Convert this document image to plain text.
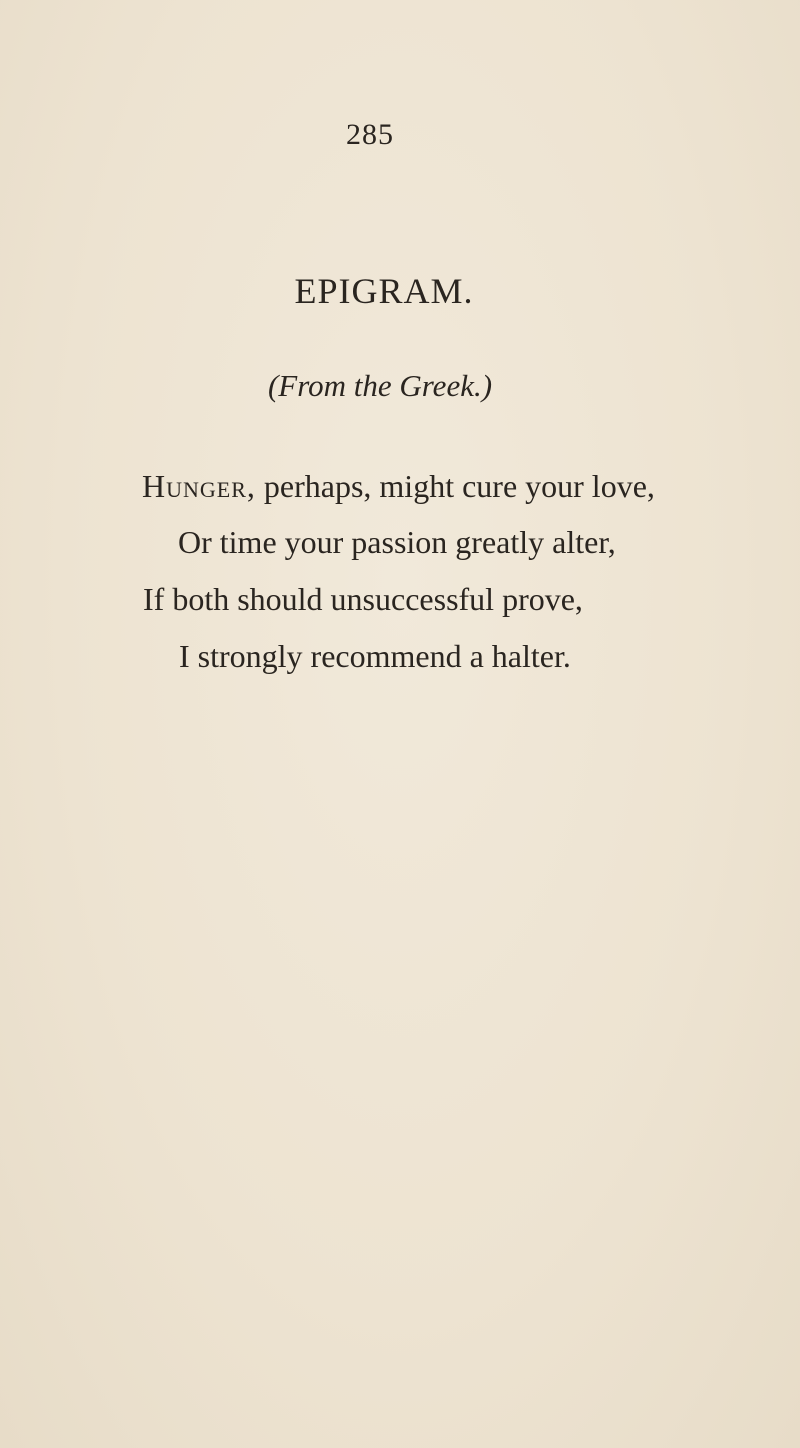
285
EPIGRAM.
(From the Greek.)
Hunger, perhaps, might cure your love,
Or time your passion greatly alter,
If both should unsuccessful prove,
I strongly recommend a halter.
